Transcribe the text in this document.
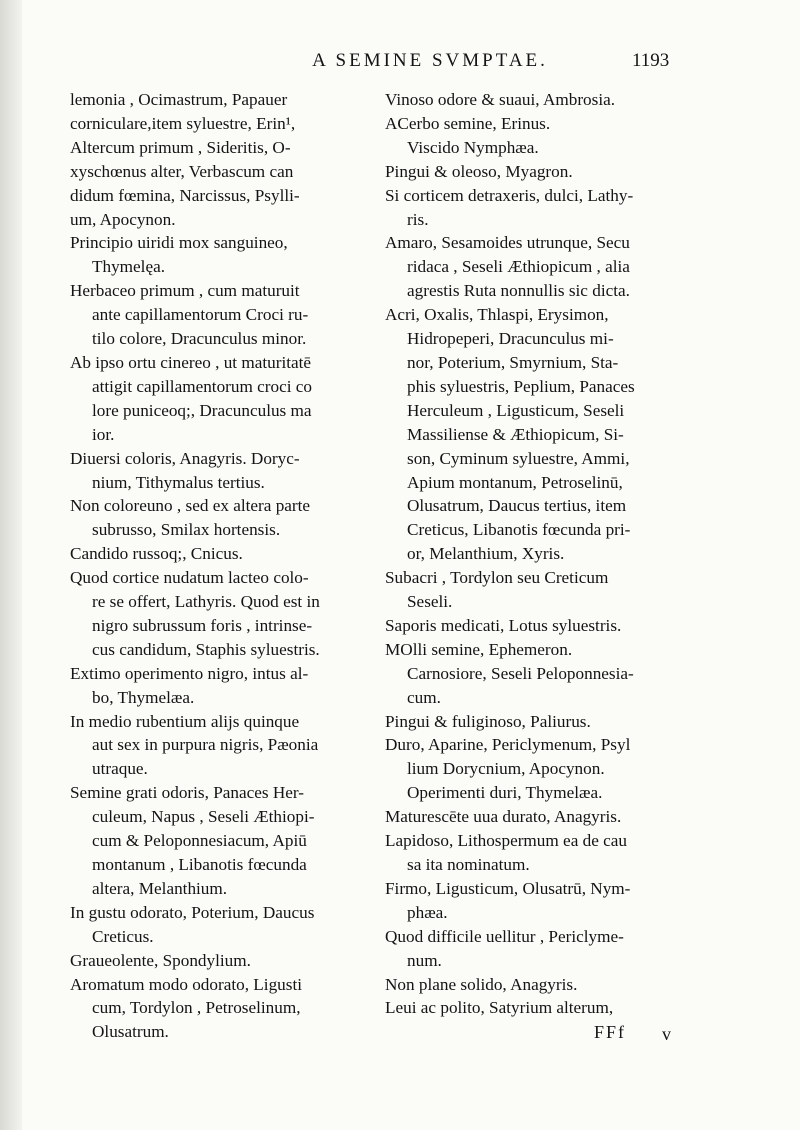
A SEMINE SVMPTAE.	1193
lemonia , Ocimastrum, Papauer
corniculare,item syluestre, Erin¹,
Altercum primum , Sideritis, O-
xyschœnus alter, Verbascum can
didum fœmina, Narcissus, Psylli-
um, Apocynon.
Principio uiridi mox sanguineo,
Thymelęa.
Herbaceo primum , cum maturuit
ante capillamentorum Croci ru-
tilo colore, Dracunculus minor.
Ab ipso ortu cinereo , ut maturitatē
attigit capillamentorum croci co
lore puniceoq;, Dracunculus ma
ior.
Diuersi coloris, Anagyris. Doryc-
nium, Tithymalus tertius.
Non coloreuno , sed ex altera parte
subrusso, Smilax hortensis.
Candido russoq;, Cnicus.
Quod cortice nudatum lacteo colo-
re se offert, Lathyris. Quod est in
nigro subrussum foris , intrinse-
cus candidum, Staphis syluestris.
Extimo operimento nigro, intus al-
bo, Thymelæa.
In medio rubentium alijs quinque
aut sex in purpura nigris, Pæonia
utraque.
Semine grati odoris, Panaces Her-
culeum, Napus , Seseli Æthiopi-
cum & Peloponnesiacum, Apiū
montanum , Libanotis fœcunda
altera, Melanthium.
In gustu odorato, Poterium, Daucus
Creticus.
Graueolente, Spondylium.
Aromatum modo odorato, Ligusti
cum, Tordylon , Petroselinum,
Olusatrum.
Vinoso odore & suaui, Ambrosia.
ACerbo semine, Erinus.
Viscido Nymphæa.
Pingui & oleoso, Myagron.
Si corticem detraxeris, dulci, Lathy-
ris.
Amaro, Sesamoides utrunque, Secu
ridaca , Seseli Æthiopicum , alia
agrestis Ruta nonnullis sic dicta.
Acri, Oxalis, Thlaspi, Erysimon,
Hidropeperi, Dracunculus mi-
nor, Poterium, Smyrnium, Sta-
phis syluestris, Peplium, Panaces
Herculeum , Ligusticum, Seseli
Massiliense & Æthiopicum, Si-
son, Cyminum syluestre, Ammi,
Apium montanum, Petroselinū,
Olusatrum, Daucus tertius, item
Creticus, Libanotis fœcunda pri-
or, Melanthium, Xyris.
Subacri , Tordylon seu Creticum
Seseli.
Saporis medicati, Lotus syluestris.
MOlli semine, Ephemeron.
Carnosiore, Seseli Peloponnesia-
cum.
Pingui & fuliginoso, Paliurus.
Duro, Aparine, Periclymenum, Psyl
lium Dorycnium, Apocynon.
Operimenti duri, Thymelæa.
Maturescēte uua durato, Anagyris.
Lapidoso, Lithospermum ea de cau
sa ita nominatum.
Firmo, Ligusticum, Olusatrū, Nym-
phæa.
Quod difficile uellitur , Periclyme-
num.
Non plane solido, Anagyris.
Leui ac polito, Satyrium alterum,
FFf v
